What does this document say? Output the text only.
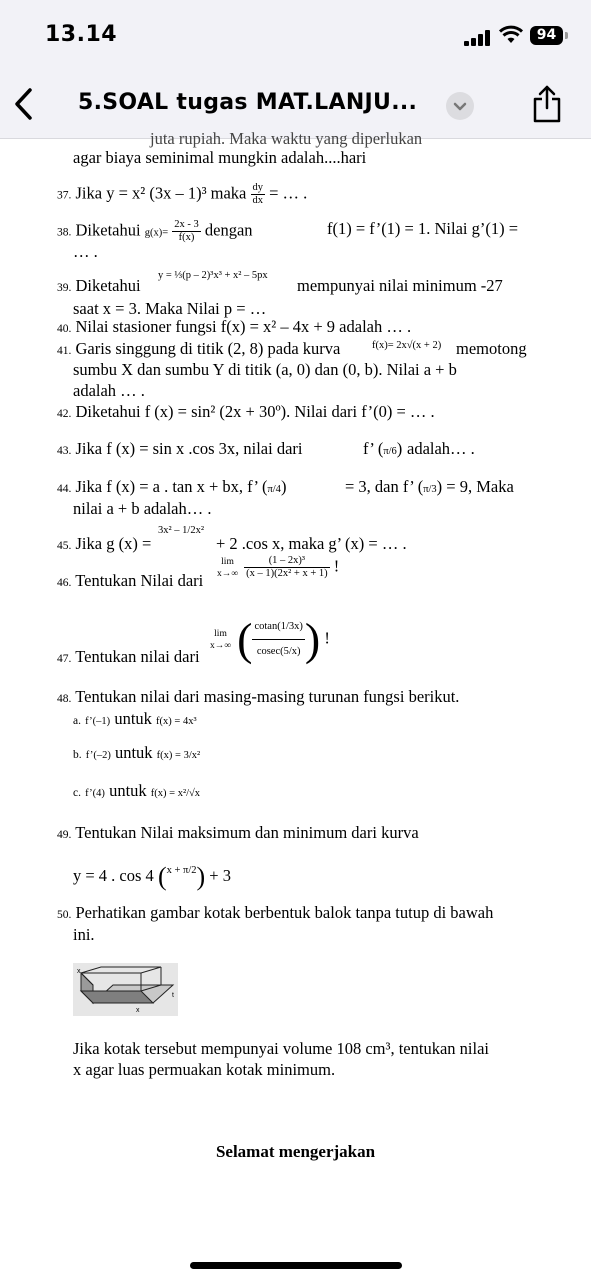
13.14	94
5.SOAL tugas MAT.LANJU...
juta rupiah. Maka waktu yang diperlukan
agar biaya seminimal mungkin adalah....hari
37. Jika y = x² (3x – 1)³ maka $\frac{dy}{dx}$ = … .
38. Diketahui $g(x)= \frac{2x - 3}{f(x)}$ dengan	f(1) = f’(1) = 1. Nilai g’(1) =
… .
39. Diketahui
y = ⅓(p – 2)³x³ + x² – 5px
mempunyai nilai minimum -27
saat x = 3. Maka Nilai p = …
40. Nilai stasioner fungsi f(x) = x² – 4x + 9 adalah … .
41. Garis singgung di titik (2, 8) pada kurva	f(x)= 2x√(x + 2) memotong
sumbu X dan sumbu Y di titik (a, 0) dan (0, b). Nilai a + b
adalah … .
42. Diketahui f (x) = sin² (2x + 30º). Nilai dari f’(0) = … .
43. Jika f (x) = sin x .cos 3x, nilai dari	f’ (π/6) adalah… .
44. Jika f (x) = a . tan x + bx, f’ (π/4)	= 3, dan f’ (π/3) = 9, Maka
nilai a + b adalah… .
45. Jika g (x) =
3x² – 1/2x²
+ 2 .cos x, maka g’ (x) = … .
46. Tentukan Nilai dari
lim
x→∞
$\frac{\text{(1 – 2x)³}}{\text{(x – 1)(2x² + x + 1)}}$ !
47. Tentukan nilai dari
lim
x→∞ ( $\frac{cotan(1/3x)}{cosec(5/x)}$ ) !
48. Tentukan nilai dari masing-masing turunan fungsi berikut.
a. f’(–1) untuk f(x) = 4x³
b. f’(–2) untuk f(x) = 3/x²
c. f’(4) untuk f(x) = x²/√x
49. Tentukan Nilai maksimum dan minimum dari kurva
y = 4 . cos 4 ($^{x + \pi/2}$) + 3
50. Perhatikan gambar kotak berbentuk balok tanpa tutup di bawah
ini.
x
x
t
Jika kotak tersebut mempunyai volume 108 cm³, tentukan nilai
x agar luas permuakan kotak minimum.
Selamat mengerjakan
